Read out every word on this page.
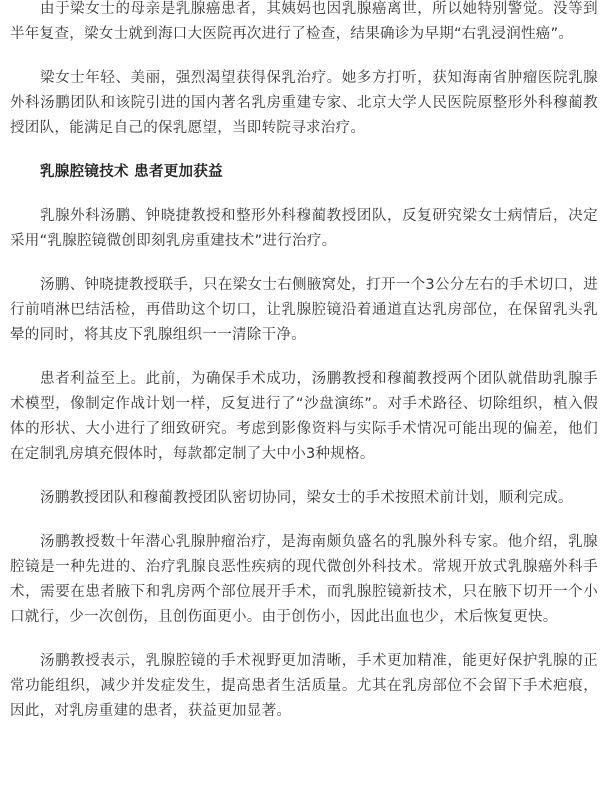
由于梁女士的母亲是乳腺癌患者，其姨妈也因乳腺癌离世，所以她特别警觉。没等到半年复查，梁女士就到海口大医院再次进行了检查，结果确诊为早期“右乳浸润性癌”。

梁女士年轻、美丽，强烈渴望获得保乳治疗。她多方打听，获知海南省肿瘤医院乳腺外科汤鹏团队和该院引进的国内著名乳房重建专家、北京大学人民医院原整形外科穆蔺教授团队，能满足自己的保乳愿望，当即转院寻求治疗。

乳腺腔镜技术 患者更加获益

乳腺外科汤鹏、钟晓捷教授和整形外科穆蔺教授团队，反复研究梁女士病情后，决定采用“乳腺腔镜微创即刻乳房重建技术”进行治疗。

汤鹏、钟晓捷教授联手，只在梁女士右侧腋窝处，打开一个3公分左右的手术切口，进行前哨淋巴结活检，再借助这个切口，让乳腺腔镜沿着通道直达乳房部位，在保留乳头乳晕的同时，将其皮下乳腺组织一一清除干净。

患者利益至上。此前，为确保手术成功，汤鹏教授和穆蔺教授两个团队就借助乳腺手术模型，像制定作战计划一样，反复进行了“沙盘演练”。对手术路径、切除组织，植入假体的形状、大小进行了细致研究。考虑到影像资料与实际手术情况可能出现的偏差，他们在定制乳房填充假体时，每款都定制了大中小3种规格。

汤鹏教授团队和穆蔺教授团队密切协同，梁女士的手术按照术前计划，顺利完成。

汤鹏教授数十年潜心乳腺肿瘤治疗，是海南颇负盛名的乳腺外科专家。他介绍，乳腺腔镜是一种先进的、治疗乳腺良恶性疾病的现代微创外科技术。常规开放式乳腺癌外科手术，需要在患者腋下和乳房两个部位展开手术，而乳腺腔镜新技术，只在腋下切开一个小口就行，少一次创伤，且创伤面更小。由于创伤小，因此出血也少，术后恢复更快。

汤鹏教授表示，乳腺腔镜的手术视野更加清晰，手术更加精准，能更好保护乳腺的正常功能组织，减少并发症发生，提高患者生活质量。尤其在乳房部位不会留下手术疤痕，因此，对乳房重建的患者，获益更加显著。
